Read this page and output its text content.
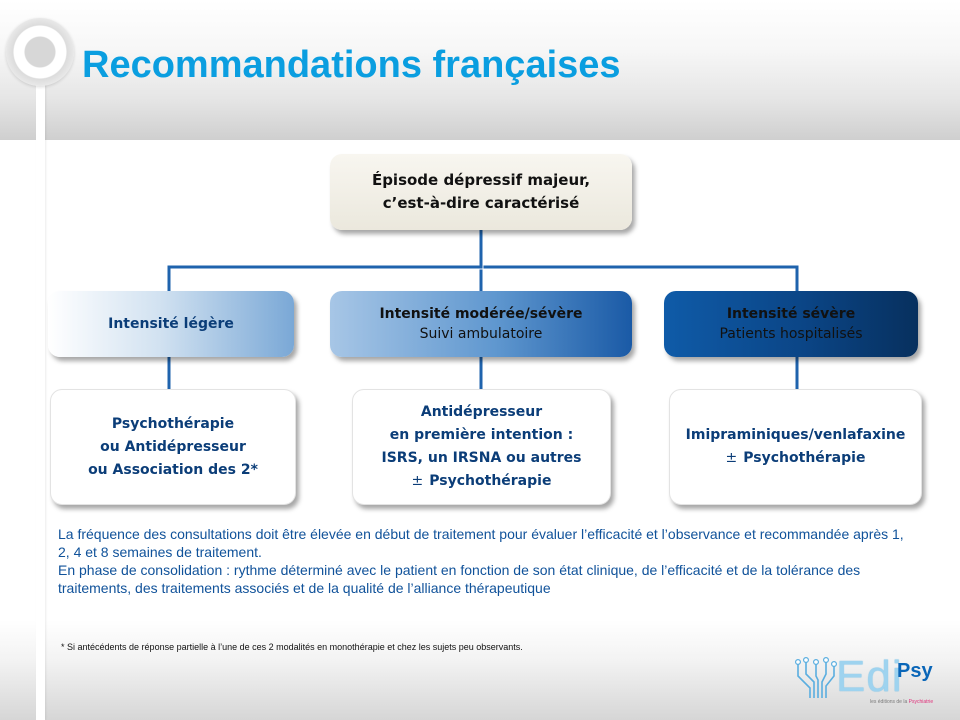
Recommandations françaises
Épisode dépressif majeur,
c’est-à-dire caractérisé
Intensité légère
Intensité modérée/sévère
Suivi ambulatoire
Intensité sévère
Patients hospitalisés
Psychothérapie
ou Antidépresseur
ou Association des 2*
Antidépresseur
en première intention :
ISRS, un IRSNA ou autres
± Psychothérapie
Imipraminiques/venlafaxine
± Psychothérapie
La fréquence des consultations doit être élevée en début de traitement pour évaluer l’efficacité et l’observance et recommandée après 1, 2, 4 et 8 semaines de traitement.
En phase de consolidation : rythme déterminé avec le patient en fonction de son état clinique, de l’efficacité et de la tolérance des traitements, des traitements associés et de la qualité de l’alliance thérapeutique
* Si antécédents de réponse partielle à l’une de ces 2 modalités en monothérapie et chez les sujets peu observants.
Edi
Psy
les éditions de la Psychiatrie
